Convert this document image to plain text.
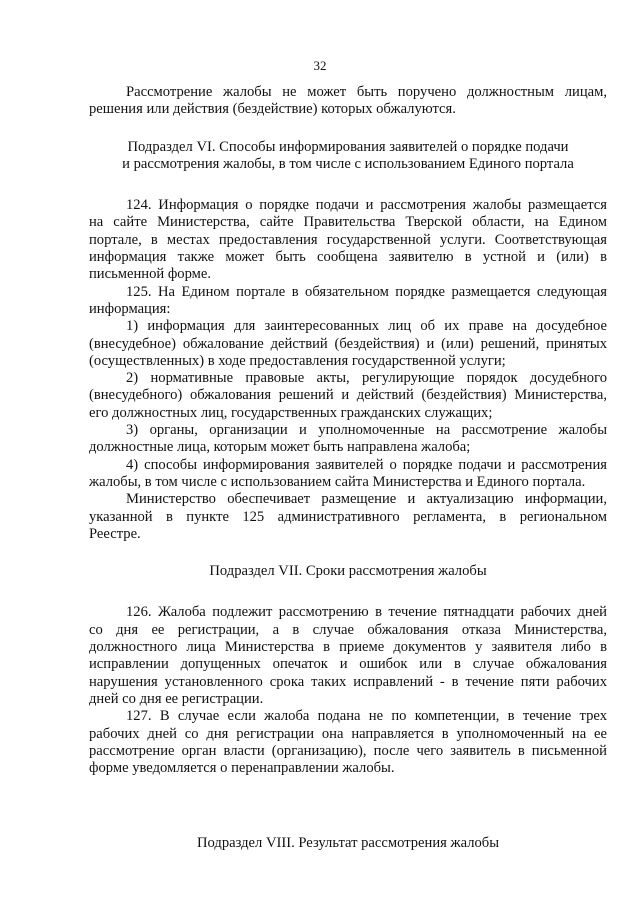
32

Рассмотрение жалобы не может быть поручено должностным лицам,
решения или действия (бездействие) которых обжалуются.

Подраздел VI. Способы информирования заявителей о порядке подачи
и рассмотрения жалобы, в том числе с использованием Единого портала

124. Информация о порядке подачи и рассмотрения жалобы размещается
на сайте Министерства, сайте Правительства Тверской области, на Едином
портале, в местах предоставления государственной услуги. Соответствующая
информация также может быть сообщена заявителю в устной и (или) в
письменной форме.

125. На Едином портале в обязательном порядке размещается следующая
информация:

1) информация для заинтересованных лиц об их праве на досудебное
(внесудебное) обжалование действий (бездействия) и (или) решений, принятых
(осуществленных) в ходе предоставления государственной услуги;

2) нормативные правовые акты, регулирующие порядок досудебного
(внесудебного) обжалования решений и действий (бездействия) Министерства,
его должностных лиц, государственных гражданских служащих;

3) органы, организации и уполномоченные на рассмотрение жалобы
должностные лица, которым может быть направлена жалоба;

4) способы информирования заявителей о порядке подачи и рассмотрения
жалобы, в том числе с использованием сайта Министерства и Единого портала.

Министерство обеспечивает размещение и актуализацию информации,
указанной в пункте 125 административного регламента, в региональном
Реестре.

Подраздел VII. Сроки рассмотрения жалобы

126. Жалоба подлежит рассмотрению в течение пятнадцати рабочих дней
со дня ее регистрации, а в случае обжалования отказа Министерства,
должностного лица Министерства в приеме документов у заявителя либо в
исправлении допущенных опечаток и ошибок или в случае обжалования
нарушения установленного срока таких исправлений - в течение пяти рабочих
дней со дня ее регистрации.

127. В случае если жалоба подана не по компетенции, в течение трех
рабочих дней со дня регистрации она направляется в уполномоченный на ее
рассмотрение орган власти (организацию), после чего заявитель в письменной
форме уведомляется о перенаправлении жалобы.

Подраздел VIII. Результат рассмотрения жалобы
